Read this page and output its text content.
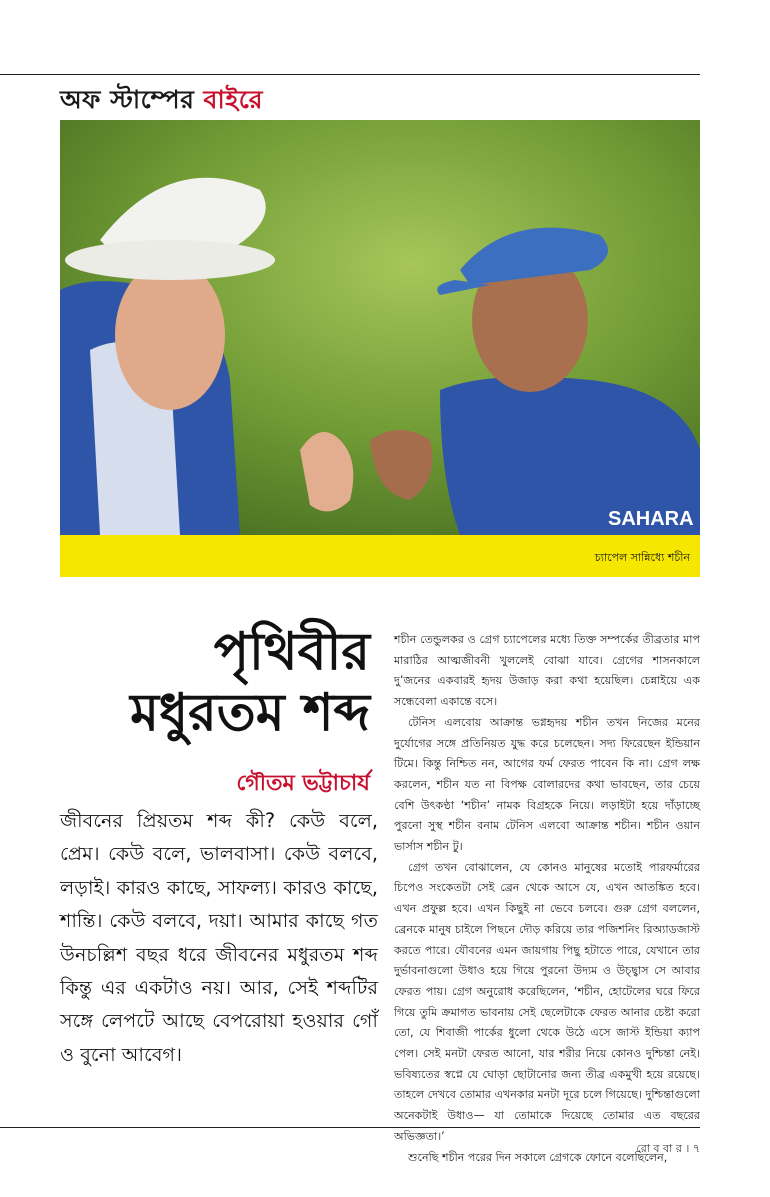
অফ স্টাম্পের বাইরে
SAHARA
চ্যাপেল সান্নিধ্যে শচীন
পৃথিবীর
মধুরতম শব্দ
গৌতম ভট্টাচার্য
জীবনের প্রিয়তম শব্দ কী? কেউ বলে, প্রেম। কেউ বলে, ভালবাসা। কেউ বলবে, লড়াই। কারও কাছে, সাফল্য। কারও কাছে, শান্তি। কেউ বলবে, দয়া। আমার কাছে গত উনচল্লিশ বছর ধরে জীবনের মধুরতম শব্দ কিন্তু এর একটাও নয়। আর, সেই শব্দটির সঙ্গে লেপটে আছে বেপরোয়া হওয়ার গোঁ ও বুনো আবেগ।

শচীন তেন্ডুলকর ও গ্রেগ চ্যাপেলের মধ্যে তিক্ত সম্পর্কের তীব্রতার মাপ মারাঠির আত্মজীবনী খুললেই বোঝা যাবে। গ্রেগের শাসনকালে দু’জনের একবারই হৃদয় উজাড় করা কথা হয়েছিল। চেন্নাইয়ে এক সন্ধেবেলা একান্তে বসে।

টেনিস এলবোয় আক্রান্ত ভগ্নহৃদয় শচীন তখন নিজের মনের দুর্যোগের সঙ্গে প্রতিনিয়ত যুদ্ধ করে চলেছেন। সদ্য ফিরেছেন ইন্ডিয়ান টিমে। কিন্তু নিশ্চিত নন, আগের ফর্ম ফেরত পাবেন কি না। গ্রেগ লক্ষ করলেন, শচীন যত না বিপক্ষ বোলারদের কথা ভাবছেন, তার চেয়ে বেশি উৎকণ্ঠা ‘শচীন’ নামক বিগ্রহকে নিয়ে। লড়াইটা হয়ে দাঁড়াচ্ছে পুরনো সুস্থ শচীন বনাম টেনিস এলবো আক্রান্ত শচীন। শচীন ওয়ান ভার্সাস শচীন টু।

গ্রেগ তখন বোঝালেন, যে কোনও মানুষের মতোই পারফর্মারের চিপেও সংকেতটা সেই ব্রেন থেকে আসে যে, এখন আতঙ্কিত হবে। এখন প্রফুল্ল হবে। এখন কিছুই না ভেবে চলবে। গুরু গ্রেগ বললেন, ব্রেনকে মানুষ চাইলে পিছনে দৌড় করিয়ে তার পজিশনিং রিঅ্যাডজাস্ট করতে পারে। যৌবনের এমন জায়গায় পিছু হটাতে পারে, যেখানে তার দুর্ভাবনাগুলো উধাও হয়ে গিয়ে পুরনো উদ্যম ও উচ্ছ্বাস সে আবার ফেরত পায়। গ্রেগ অনুরোধ করেছিলেন, ‘শচীন, হোটেলের ঘরে ফিরে গিয়ে তুমি ক্রমাগত ভাবনায় সেই ছেলেটাকে ফেরত আনার চেষ্টা করো তো, যে শিবাজী পার্কের ধুলো থেকে উঠে এসে জাস্ট ইন্ডিয়া ক্যাপ পেল। সেই মনটা ফেরত আনো, যার শরীর নিয়ে কোনও দুশ্চিন্তা নেই। ভবিষ্যতের স্বপ্নে যে ঘোড়া ছোটানোর জন্য তীব্র একমুখী হয়ে রয়েছে। তাহলে দেখবে তোমার এখনকার মনটা দূরে চলে গিয়েছে। দুশ্চিন্তাগুলো অনেকটাই উধাও— যা তোমাকে দিয়েছে তোমার এত বছরের অভিজ্ঞতা।’

শুনেছি শচীন পরের দিন সকালে গ্রেগকে ফোনে বলেছিলেন,

রো ব বা র । ৭
